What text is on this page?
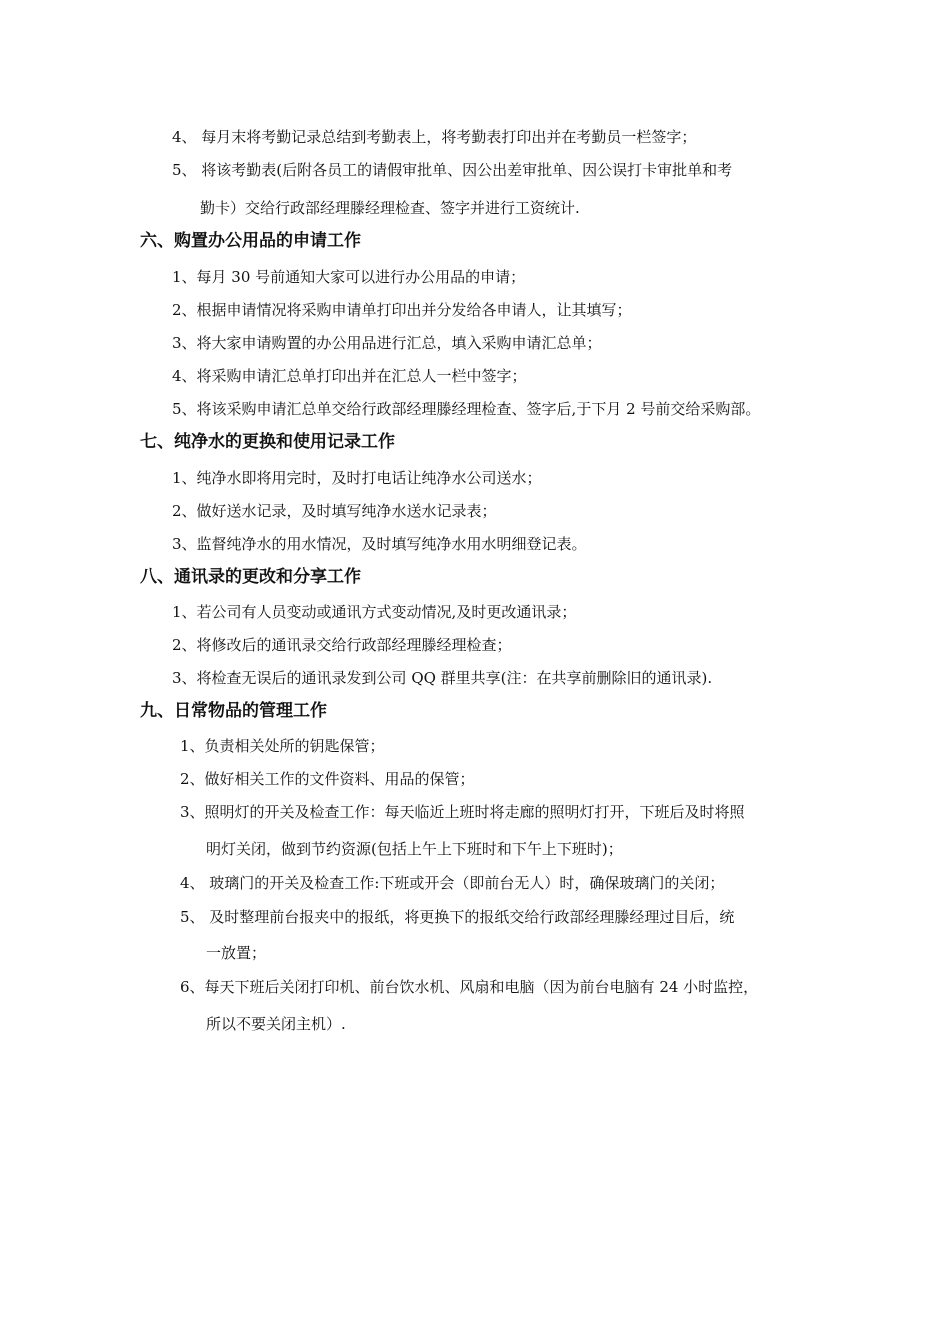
4、 每月末将考勤记录总结到考勤表上，将考勤表打印出并在考勤员一栏签字；
5、 将该考勤表(后附各员工的请假审批单、因公出差审批单、因公误打卡审批单和考
勤卡）交给行政部经理滕经理检查、签字并进行工资统计.
六、购置办公用品的申请工作
1、每月 30 号前通知大家可以进行办公用品的申请；
2、根据申请情况将采购申请单打印出并分发给各申请人，让其填写；
3、将大家申请购置的办公用品进行汇总，填入采购申请汇总单；
4、将采购申请汇总单打印出并在汇总人一栏中签字；
5、将该采购申请汇总单交给行政部经理滕经理检查、签字后,于下月 2 号前交给采购部。
七、纯净水的更换和使用记录工作
1、纯净水即将用完时，及时打电话让纯净水公司送水；
2、做好送水记录，及时填写纯净水送水记录表；
3、监督纯净水的用水情况，及时填写纯净水用水明细登记表。
八、通讯录的更改和分享工作
1、若公司有人员变动或通讯方式变动情况,及时更改通讯录；
2、将修改后的通讯录交给行政部经理滕经理检查；
3、将检查无误后的通讯录发到公司 QQ 群里共享(注：在共享前删除旧的通讯录).
九、日常物品的管理工作
1、负责相关处所的钥匙保管；
2、做好相关工作的文件资料、用品的保管；
3、照明灯的开关及检查工作：每天临近上班时将走廊的照明灯打开，下班后及时将照
明灯关闭，做到节约资源(包括上午上下班时和下午上下班时)；
4、 玻璃门的开关及检查工作:下班或开会（即前台无人）时，确保玻璃门的关闭；
5、 及时整理前台报夹中的报纸，将更换下的报纸交给行政部经理滕经理过目后，统
一放置；
6、每天下班后关闭打印机、前台饮水机、风扇和电脑（因为前台电脑有 24 小时监控，
所以不要关闭主机）.
